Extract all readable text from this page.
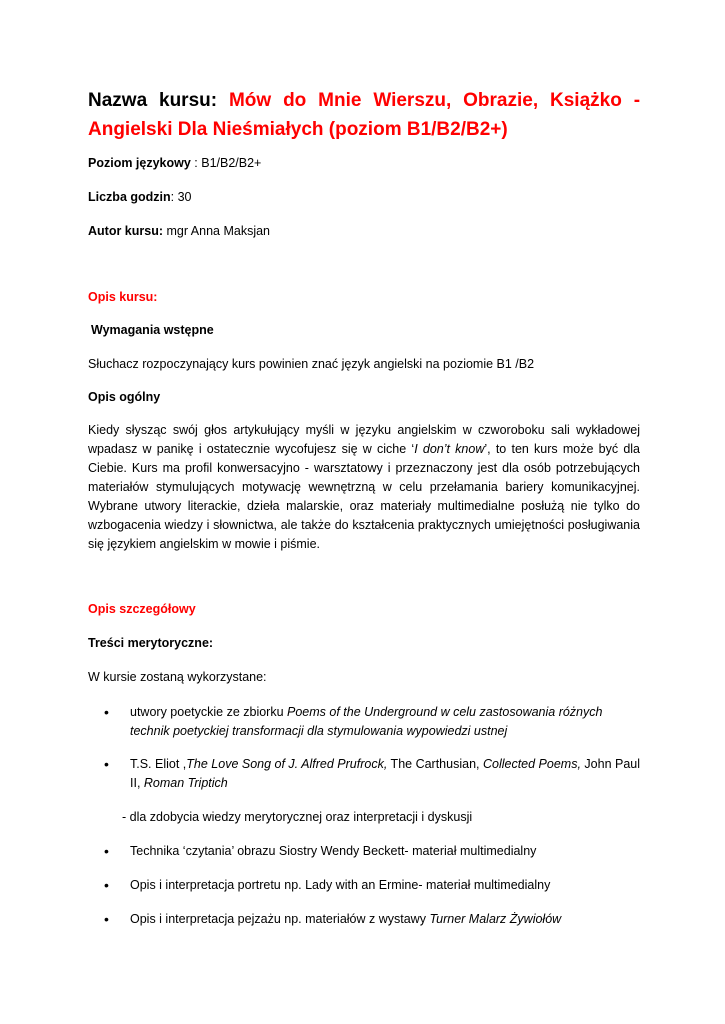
Nazwa kursu: Mów do Mnie Wierszu, Obrazie, Książko - Angielski Dla Nieśmiałych (poziom B1/B2/B2+)

Poziom językowy : B1/B2/B2+

Liczba godzin: 30

Autor kursu: mgr Anna Maksjan

Opis kursu:

Wymagania wstępne

Słuchacz rozpoczynający kurs powinien znać język angielski na poziomie B1 /B2

Opis ogólny

Kiedy słysząc swój głos artykułujący myśli w języku angielskim w czworoboku sali wykładowej wpadasz w panikę i ostatecznie wycofujesz się w ciche ‘I don’t know’, to ten kurs może być dla Ciebie. Kurs ma profil konwersacyjno - warsztatowy i przeznaczony jest dla osób potrzebujących materiałów stymulujących motywację wewnętrzną w celu przełamania bariery komunikacyjnej. Wybrane utwory literackie, dzieła malarskie, oraz materiały multimedialne posłużą nie tylko do wzbogacenia wiedzy i słownictwa, ale także do kształcenia praktycznych umiejętności posługiwania się językiem angielskim w mowie i piśmie.

Opis szczegółowy

Treści merytoryczne:

W kursie zostaną wykorzystane:

• utwory poetyckie ze zbiorku Poems of the Underground w celu zastosowania różnych technik poetyckiej transformacji dla stymulowania wypowiedzi ustnej

• T.S. Eliot ,The Love Song of J. Alfred Prufrock, The Carthusian, Collected Poems, John Paul II, Roman Triptich

- dla zdobycia wiedzy merytorycznej oraz interpretacji i dyskusji

• Technika ‘czytania’ obrazu Siostry Wendy Beckett- materiał multimedialny

• Opis i interpretacja portretu np. Lady with an Ermine- materiał multimedialny

• Opis i interpretacja pejzażu np. materiałów z wystawy Turner Malarz Żywiołów
